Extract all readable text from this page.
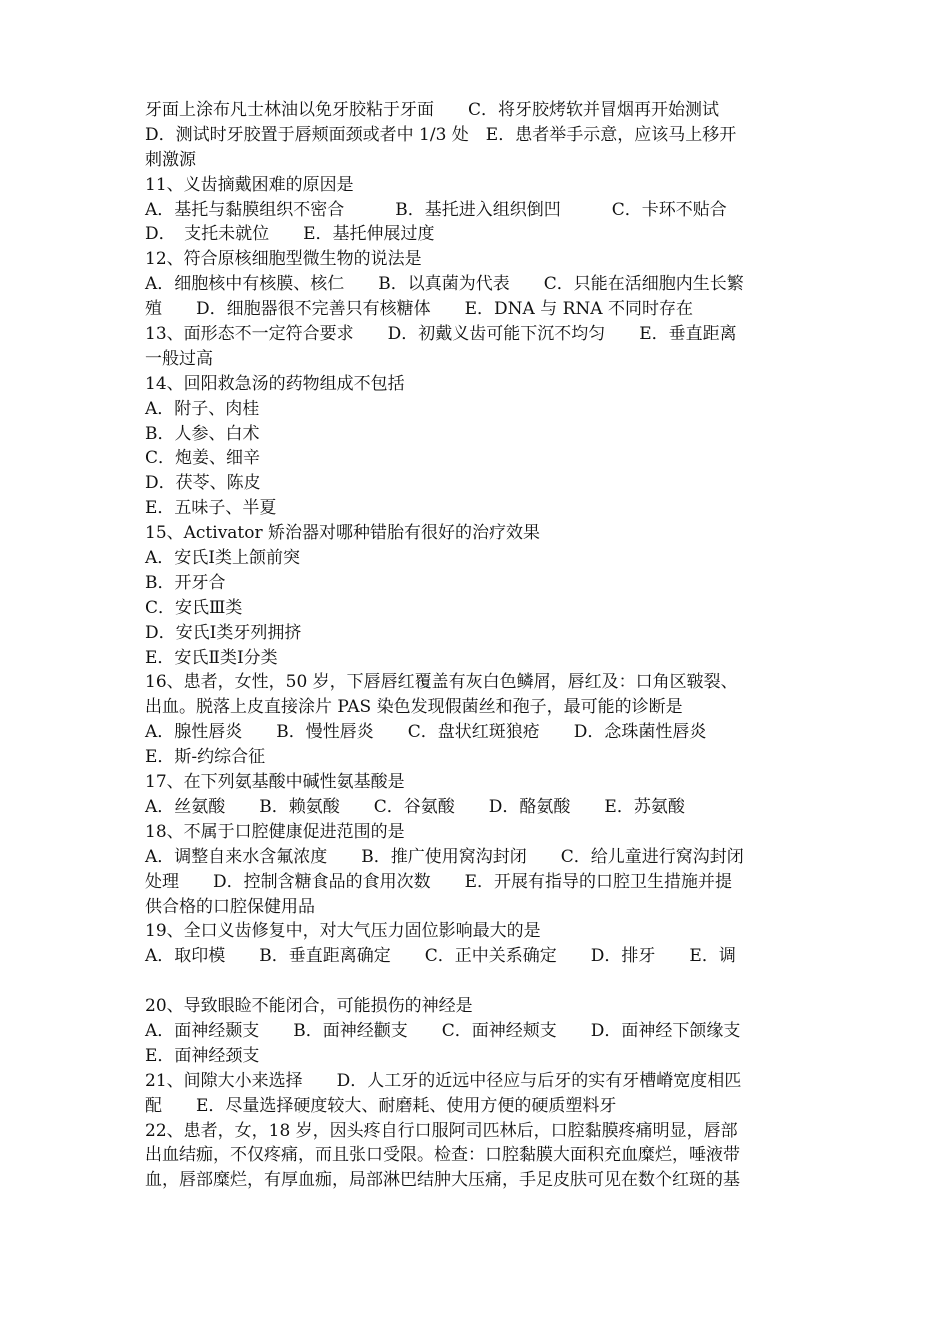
牙面上涂布凡士林油以免牙胶粘于牙面　　C．将牙胶烤软并冒烟再开始测试
D．测试时牙胶置于唇颊面颈或者中 1/3 处　E．患者举手示意，应该马上移开
刺激源
11、义齿摘戴困难的原因是
A．基托与黏膜组织不密合　　　B．基托进入组织倒凹　　　C．卡环不贴合
D．　支托未就位　　E．基托伸展过度
12、符合原核细胞型微生物的说法是
A．细胞核中有核膜、核仁　　B．以真菌为代表　　C．只能在活细胞内生长繁
殖　　D．细胞器很不完善只有核糖体　　E．DNA 与 RNA 不同时存在
13、面形态不一定符合要求　　D．初戴义齿可能下沉不均匀　　E．垂直距离
一般过高
14、回阳救急汤的药物组成不包括
A．附子、肉桂
B．人参、白术
C．炮姜、细辛
D．茯苓、陈皮
E．五味子、半夏
15、Activator 矫治器对哪种错胎有很好的治疗效果
A．安氏Ⅰ类上颌前突
B．开牙合
C．安氏Ⅲ类
D．安氏Ⅰ类牙列拥挤
E．安氏Ⅱ类Ⅰ分类
16、患者，女性，50 岁，下唇唇红覆盖有灰白色鳞屑，唇红及：口角区皲裂、
出血。脱落上皮直接涂片 PAS 染色发现假菌丝和孢子，最可能的诊断是
A．腺性唇炎　　B．慢性唇炎　　C．盘状红斑狼疮　　D．念珠菌性唇炎
E．斯-约综合征
17、在下列氨基酸中碱性氨基酸是
A．丝氨酸　　B．赖氨酸　　C．谷氨酸　　D．酪氨酸　　E．苏氨酸
18、不属于口腔健康促进范围的是
A．调整自来水含氟浓度　　B．推广使用窝沟封闭　　C．给儿童进行窝沟封闭
处理　　D．控制含糖食品的食用次数　　E．开展有指导的口腔卫生措施并提
供合格的口腔保健用品
19、全口义齿修复中，对大气压力固位影响最大的是
A．取印模　　B．垂直距离确定　　C．正中关系确定　　D．排牙　　E．调
20、导致眼睑不能闭合，可能损伤的神经是
A．面神经颞支　　B．面神经颧支　　C．面神经颊支　　D．面神经下颌缘支
E．面神经颈支
21、间隙大小来选择　　D．人工牙的近远中径应与后牙的实有牙槽嵴宽度相匹
配　　E．尽量选择硬度较大、耐磨耗、使用方便的硬质塑料牙
22、患者，女，18 岁，因头疼自行口服阿司匹林后，口腔黏膜疼痛明显，唇部
出血结痂，不仅疼痛，而且张口受限。检查：口腔黏膜大面积充血糜烂，唾液带
血，唇部糜烂，有厚血痂，局部淋巴结肿大压痛，手足皮肤可见在数个红斑的基
